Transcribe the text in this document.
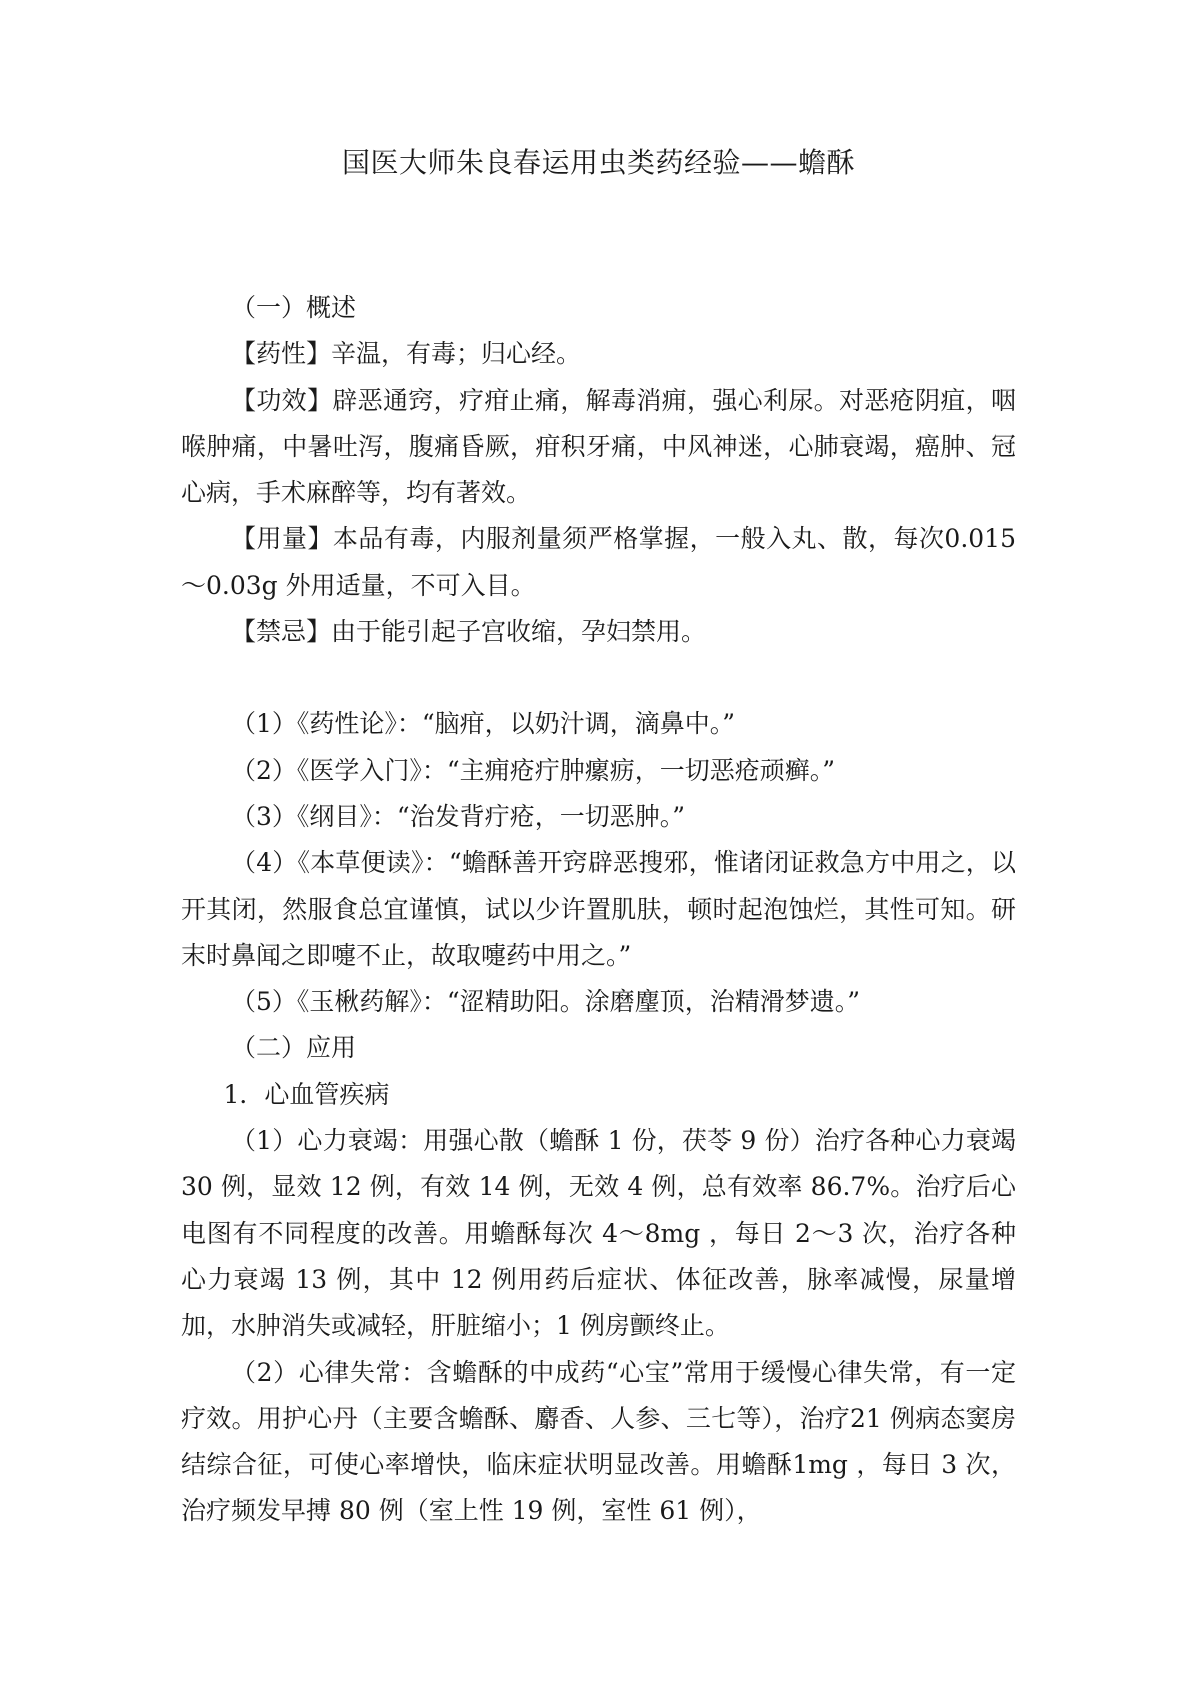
国医大师朱良春运用虫类药经验——蟾酥

（一）概述

【药性】辛温，有毒；归心经。

【功效】辟恶通窍，疗疳止痛，解毒消痈，强心利尿。对恶疮阴疽，咽喉肿痛，中暑吐泻，腹痛昏厥，疳积牙痛，中风神迷，心肺衰竭，癌肿、冠心病，手术麻醉等，均有著效。

【用量】本品有毒，内服剂量须严格掌握，一般入丸、散，每次0.015～0.03g 外用适量，不可入目。

【禁忌】由于能引起子宫收缩，孕妇禁用。

（1）《药性论》：“脑疳，以奶汁调，滴鼻中。”

（2）《医学入门》：“主痈疮疔肿瘰疬，一切恶疮顽癣。”

（3）《纲目》：“治发背疔疮，一切恶肿。”

（4）《本草便读》：“蟾酥善开窍辟恶搜邪，惟诸闭证救急方中用之，以开其闭，然服食总宜谨慎，试以少许置肌肤，顿时起泡蚀烂，其性可知。研末时鼻闻之即嚏不止，故取嚏药中用之。”

（5）《玉楸药解》：“涩精助阳。涂磨麈顶，治精滑梦遗。”

（二）应用

1．心血管疾病

（1）心力衰竭：用强心散（蟾酥 1 份，茯苓 9 份）治疗各种心力衰竭 30 例，显效 12 例，有效 14 例，无效 4 例，总有效率 86.7%。治疗后心电图有不同程度的改善。用蟾酥每次 4～8mg ，每日 2～3 次，治疗各种心力衰竭 13 例，其中 12 例用药后症状、体征改善，脉率减慢，尿量增加，水肿消失或减轻，肝脏缩小；1 例房颤终止。

（2）心律失常：含蟾酥的中成药“心宝”常用于缓慢心律失常，有一定疗效。用护心丹（主要含蟾酥、麝香、人参、三七等），治疗21 例病态窦房结综合征，可使心率增快，临床症状明显改善。用蟾酥1mg ，每日 3 次，治疗频发早搏 80 例（室上性 19 例，室性 61 例），
